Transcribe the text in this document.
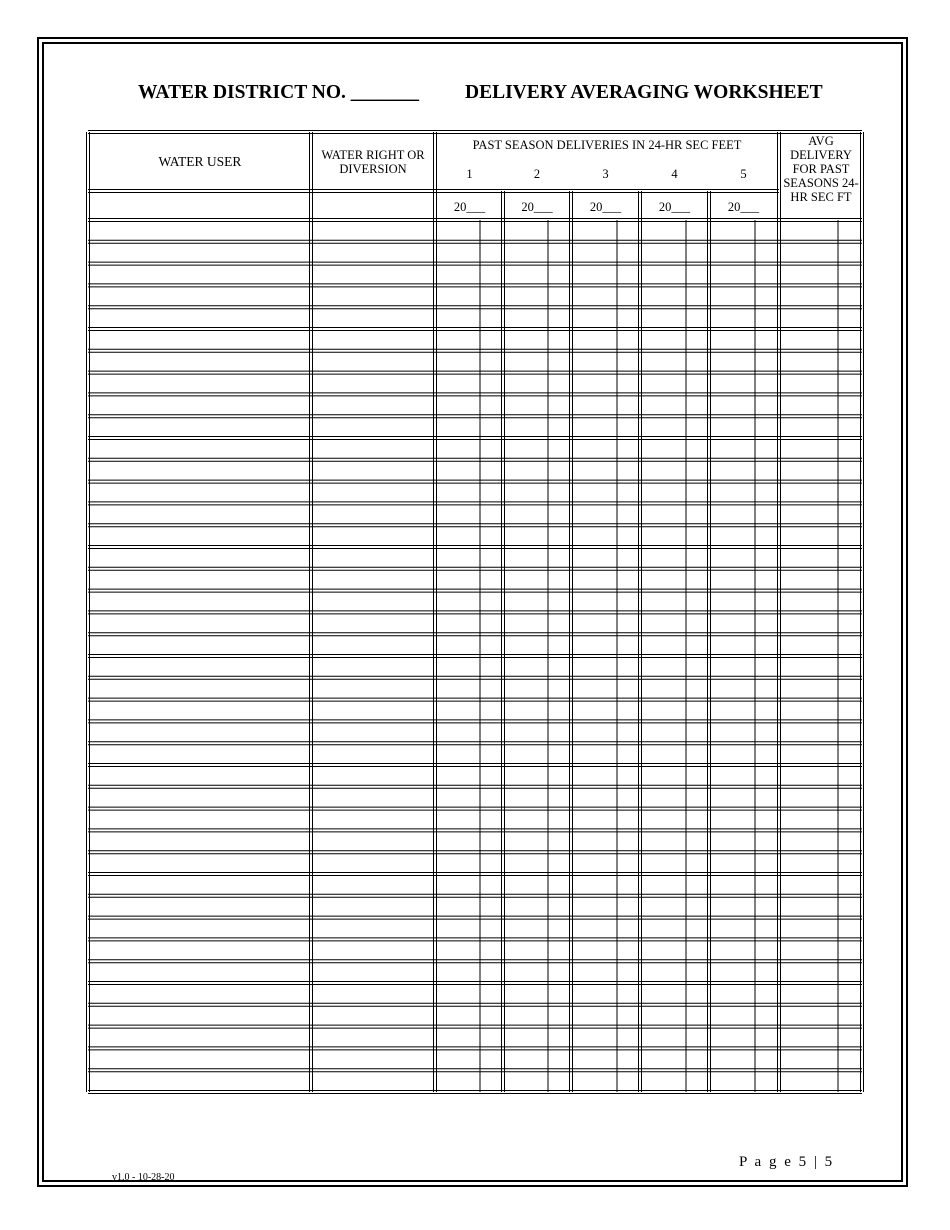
WATER DISTRICT NO. _______ DELIVERY AVERAGING WORKSHEET
WATER USER	WATER RIGHT OR DIVERSION
PAST SEASON DELIVERIES IN 24-HR SEC FEET
1	2	3	4	5
20___	20___	20___	20___	20___
AVG DELIVERY FOR PAST SEASONS 24-HR SEC FT
P a g e 5 | 5
v1.0 - 10-28-20
